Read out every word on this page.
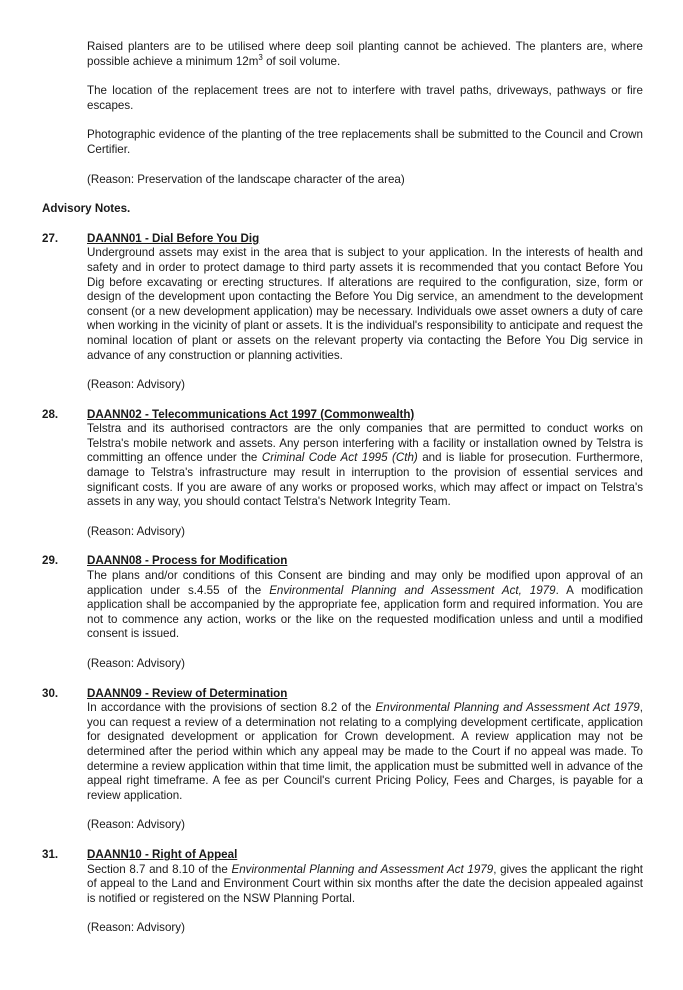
Raised planters are to be utilised where deep soil planting cannot be achieved. The planters are, where possible achieve a minimum $12m^3$ of soil volume.

The location of the replacement trees are not to interfere with travel paths, driveways, pathways or fire escapes.

Photographic evidence of the planting of the tree replacements shall be submitted to the Council and Crown Certifier.

(Reason: Preservation of the landscape character of the area)

Advisory Notes.

27. DAANN01 - Dial Before You Dig

Underground assets may exist in the area that is subject to your application. In the interests of health and safety and in order to protect damage to third party assets it is recommended that you contact Before You Dig before excavating or erecting structures. If alterations are required to the configuration, size, form or design of the development upon contacting the Before You Dig service, an amendment to the development consent (or a new development application) may be necessary. Individuals owe asset owners a duty of care when working in the vicinity of plant or assets. It is the individual's responsibility to anticipate and request the nominal location of plant or assets on the relevant property via contacting the Before You Dig service in advance of any construction or planning activities.

(Reason: Advisory)

28. DAANN02 - Telecommunications Act 1997 (Commonwealth)

Telstra and its authorised contractors are the only companies that are permitted to conduct works on Telstra's mobile network and assets. Any person interfering with a facility or installation owned by Telstra is committing an offence under the Criminal Code Act 1995 (Cth) and is liable for prosecution. Furthermore, damage to Telstra's infrastructure may result in interruption to the provision of essential services and significant costs. If you are aware of any works or proposed works, which may affect or impact on Telstra's assets in any way, you should contact Telstra's Network Integrity Team.

(Reason: Advisory)

29. DAANN08 - Process for Modification

The plans and/or conditions of this Consent are binding and may only be modified upon approval of an application under s.4.55 of the Environmental Planning and Assessment Act, 1979. A modification application shall be accompanied by the appropriate fee, application form and required information. You are not to commence any action, works or the like on the requested modification unless and until a modified consent is issued.

(Reason: Advisory)

30. DAANN09 - Review of Determination

In accordance with the provisions of section 8.2 of the Environmental Planning and Assessment Act 1979, you can request a review of a determination not relating to a complying development certificate, application for designated development or application for Crown development. A review application may not be determined after the period within which any appeal may be made to the Court if no appeal was made. To determine a review application within that time limit, the application must be submitted well in advance of the appeal right timeframe. A fee as per Council's current Pricing Policy, Fees and Charges, is payable for a review application.

(Reason: Advisory)

31. DAANN10 - Right of Appeal

Section 8.7 and 8.10 of the Environmental Planning and Assessment Act 1979, gives the applicant the right of appeal to the Land and Environment Court within six months after the date the decision appealed against is notified or registered on the NSW Planning Portal.

(Reason: Advisory)
